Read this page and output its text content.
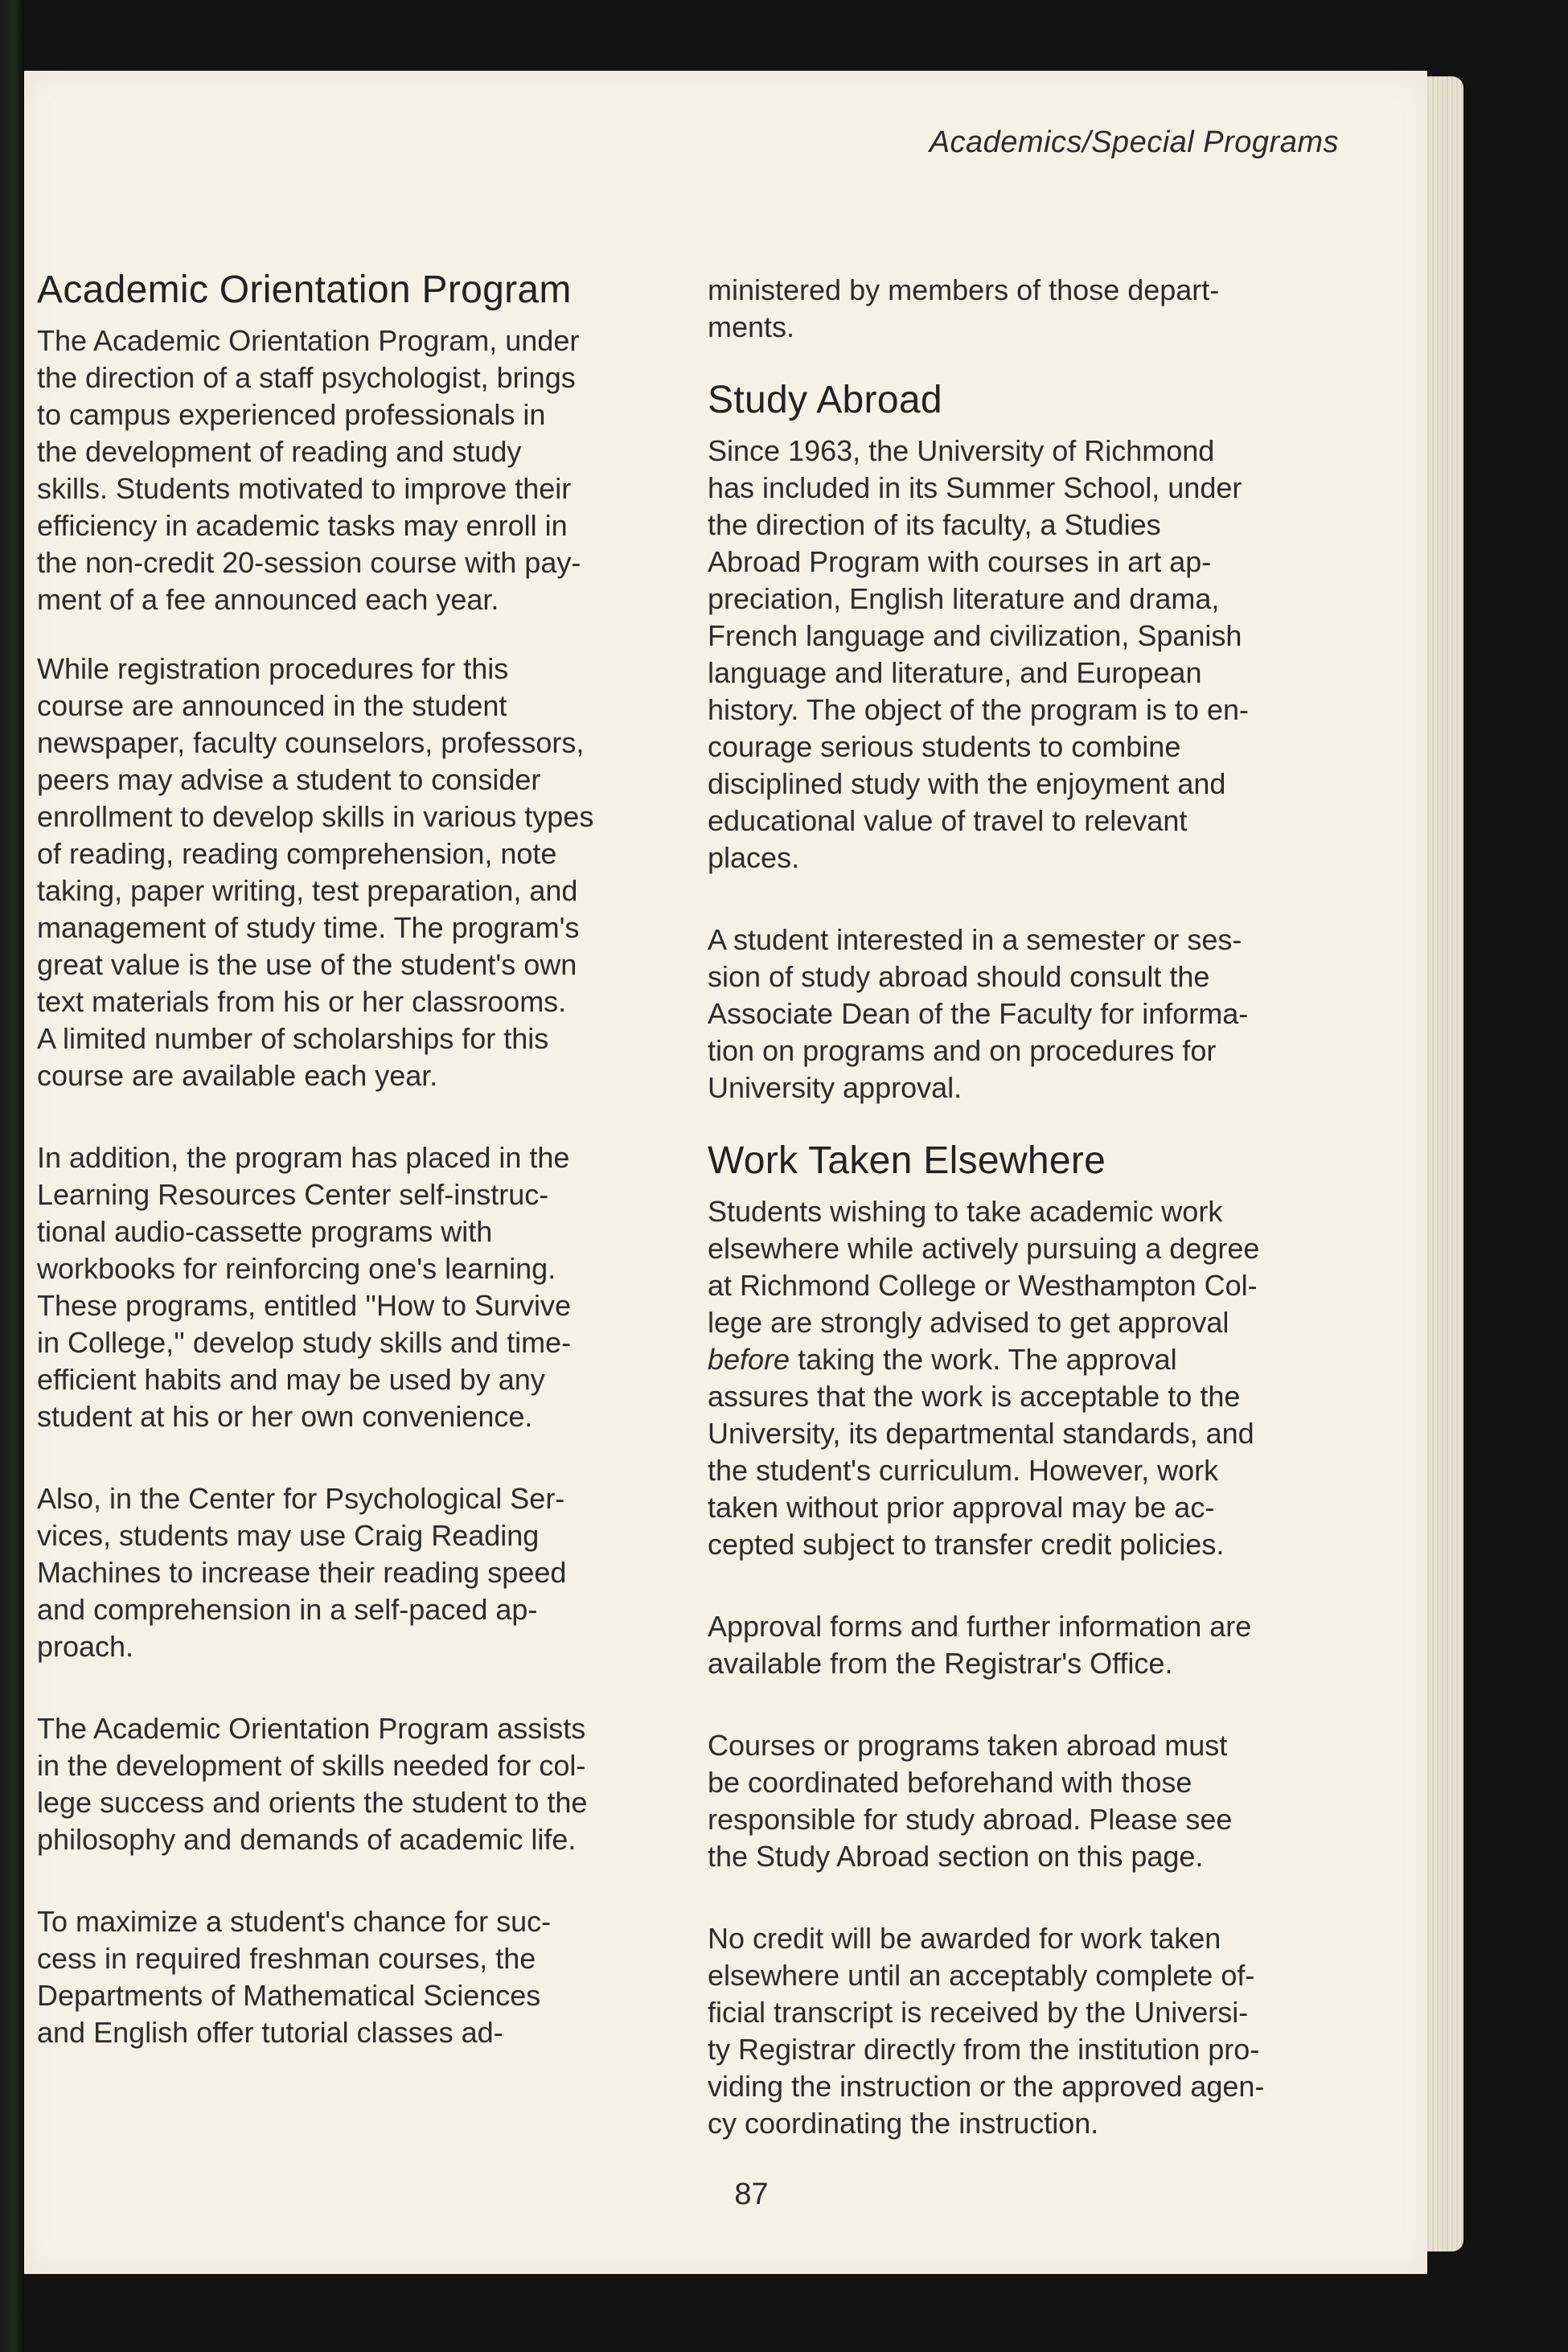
Academics/Special Programs
Academic Orientation Program

The Academic Orientation Program, under
the direction of a staff psychologist, brings
to campus experienced professionals in
the development of reading and study
skills. Students motivated to improve their
efficiency in academic tasks may enroll in
the non-credit 20-session course with pay-
ment of a fee announced each year.

While registration procedures for this
course are announced in the student
newspaper, faculty counselors, professors,
peers may advise a student to consider
enrollment to develop skills in various types
of reading, reading comprehension, note
taking, paper writing, test preparation, and
management of study time. The program's
great value is the use of the student's own
text materials from his or her classrooms.
A limited number of scholarships for this
course are available each year.

In addition, the program has placed in the
Learning Resources Center self-instruc-
tional audio-cassette programs with
workbooks for reinforcing one's learning.
These programs, entitled ''How to Survive
in College,'' develop study skills and time-
efficient habits and may be used by any
student at his or her own convenience.

Also, in the Center for Psychological Ser-
vices, students may use Craig Reading
Machines to increase their reading speed
and comprehension in a self-paced ap-
proach.

The Academic Orientation Program assists
in the development of skills needed for col-
lege success and orients the student to the
philosophy and demands of academic life.

To maximize a student's chance for suc-
cess in required freshman courses, the
Departments of Mathematical Sciences
and English offer tutorial classes ad-

ministered by members of those depart-
ments.

Study Abroad

Since 1963, the University of Richmond
has included in its Summer School, under
the direction of its faculty, a Studies
Abroad Program with courses in art ap-
preciation, English literature and drama,
French language and civilization, Spanish
language and literature, and European
history. The object of the program is to en-
courage serious students to combine
disciplined study with the enjoyment and
educational value of travel to relevant
places.

A student interested in a semester or ses-
sion of study abroad should consult the
Associate Dean of the Faculty for informa-
tion on programs and on procedures for
University approval.

Work Taken Elsewhere

Students wishing to take academic work
elsewhere while actively pursuing a degree
at Richmond College or Westhampton Col-
lege are strongly advised to get approval
before taking the work. The approval
assures that the work is acceptable to the
University, its departmental standards, and
the student's curriculum. However, work
taken without prior approval may be ac-
cepted subject to transfer credit policies.

Approval forms and further information are
available from the Registrar's Office.

Courses or programs taken abroad must
be coordinated beforehand with those
responsible for study abroad. Please see
the Study Abroad section on this page.

No credit will be awarded for work taken
elsewhere until an acceptably complete of-
ficial transcript is received by the Universi-
ty Registrar directly from the institution pro-
viding the instruction or the approved agen-
cy coordinating the instruction.

87
